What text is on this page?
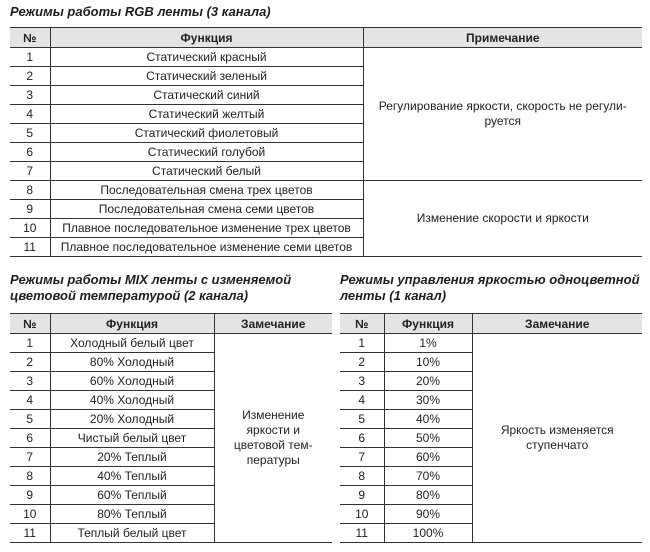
Режимы работы RGB ленты (3 канала)

№	Функция	Примечание
1	Статический красный	Регулирование яркости, скорость не регули-
руется
2	Статический зеленый	
3	Статический синий	
4	Статический желтый	
5	Статический фиолетовый	
6	Статический голубой	
7	Статический белый	
8	Последовательная смена трех цветов	Изменение скорости и яркости
9	Последовательная смена семи цветов	
10	Плавное последовательное изменение трех цветов	
11	Плавное последовательное изменение семи цветов	

Режимы работы MIX ленты с изменяемой
цветовой температурой (2 канала)

№	Функция	Замечание
1	Холодный белый цвет	Изменение
яркости и
цветовой тем-
пературы
2	80% Холодный	
3	60% Холодный	
4	40% Холодный	
5	20% Холодный	
6	Чистый белый цвет	
7	20% Теплый	
8	40% Теплый	
9	60% Теплый	
10	80% Теплый	
11	Теплый белый цвет	

Режимы управления яркостью одноцветной
ленты (1 канал)

№	Функция	Замечание
1	1%	Яркость изменяется
ступенчато
2	10%	
3	20%	
4	30%	
5	40%	
6	50%	
7	60%	
8	70%	
9	80%	
10	90%	
11	100%	
